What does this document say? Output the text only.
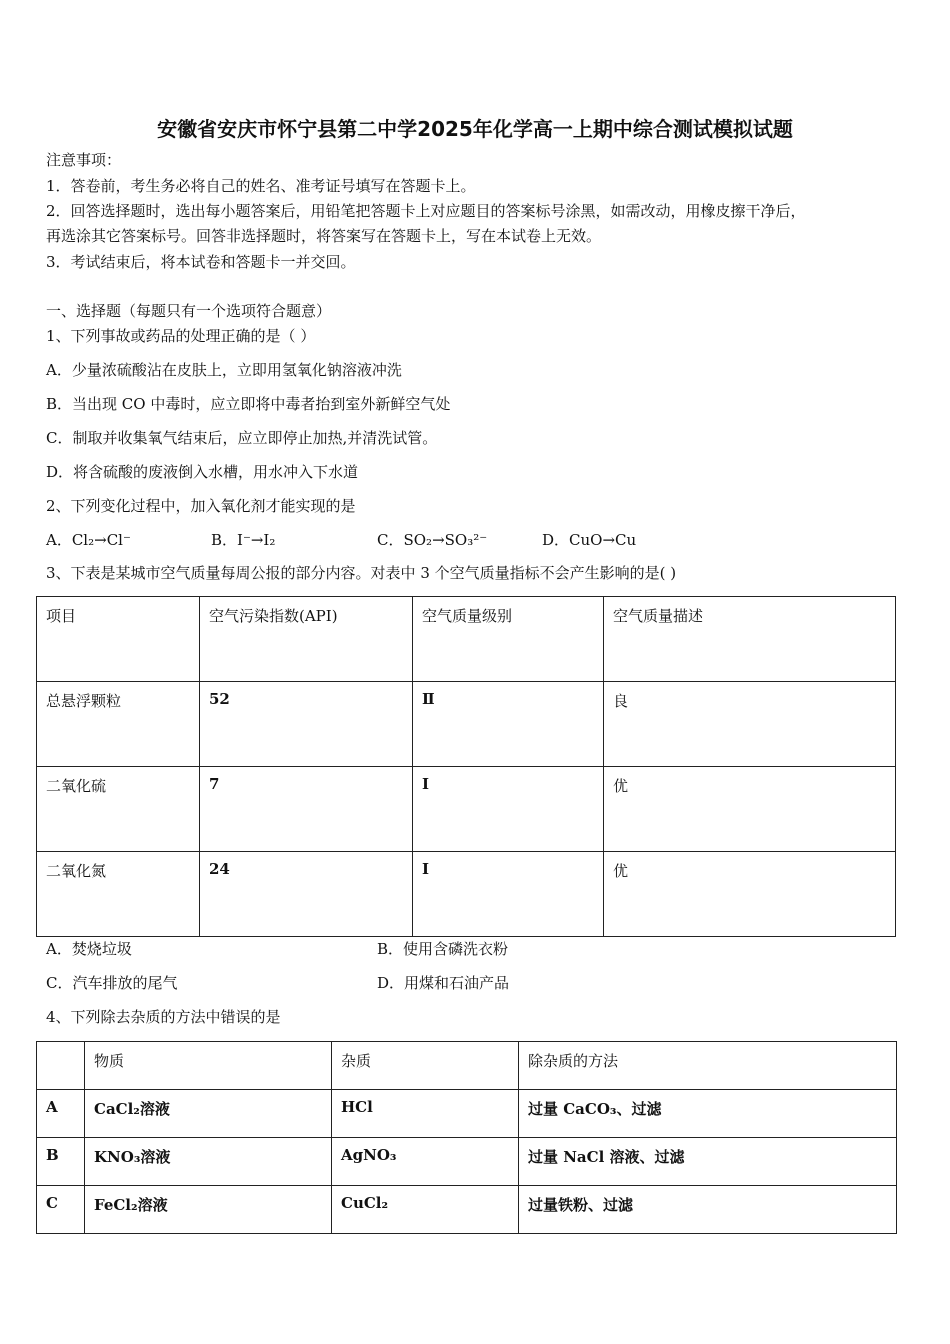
安徽省安庆市怀宁县第二中学2025年化学高一上期中综合测试模拟试题
注意事项：
1．答卷前，考生务必将自己的姓名、准考证号填写在答题卡上。
2．回答选择题时，选出每小题答案后，用铅笔把答题卡上对应题目的答案标号涂黑，如需改动，用橡皮擦干净后，
再选涂其它答案标号。回答非选择题时，将答案写在答题卡上，写在本试卷上无效。
3．考试结束后，将本试卷和答题卡一并交回。
一、选择题（每题只有一个选项符合题意）
1、下列事故或药品的处理正确的是（ ）
A．少量浓硫酸沾在皮肤上，立即用氢氧化钠溶液冲洗
B．当出现 CO 中毒时，应立即将中毒者抬到室外新鲜空气处
C．制取并收集氧气结束后，应立即停止加热,并清洗试管。
D．将含硫酸的废液倒入水槽，用水冲入下水道
2、下列变化过程中，加入氧化剂才能实现的是
A．Cl₂→Cl⁻	B．I⁻→I₂	C．SO₂→SO₃²⁻	D．CuO→Cu
3、下表是某城市空气质量每周公报的部分内容。对表中 3 个空气质量指标不会产生影响的是( )
项目	空气污染指数(API)	空气质量级别	空气质量描述
总悬浮颗粒	52	Ⅱ	良
二氧化硫	7	I	优
二氧化氮	24	I	优
A．焚烧垃圾	B．使用含磷洗衣粉
C．汽车排放的尾气	D．用煤和石油产品
4、下列除去杂质的方法中错误的是
	物质	杂质	除杂质的方法
A	CaCl₂溶液	HCl	过量 CaCO₃、过滤
B	KNO₃溶液	AgNO₃	过量 NaCl 溶液、过滤
C	FeCl₂溶液	CuCl₂	过量铁粉、过滤
